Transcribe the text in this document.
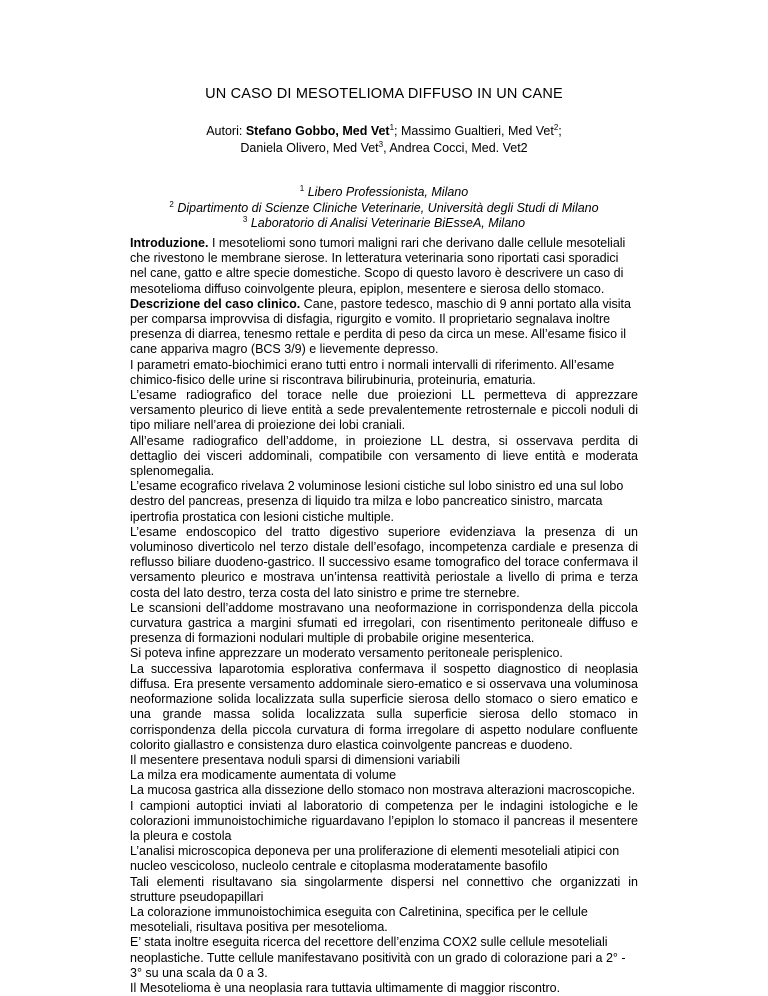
UN CASO DI MESOTELIOMA DIFFUSO IN UN CANE
Autori: Stefano Gobbo, Med Vet$^1$; Massimo Gualtieri, Med Vet$^2$;
Daniela Olivero, Med Vet$^3$, Andrea Cocci, Med. Vet2
$^1$ Libero Professionista, Milano
$^2$ Dipartimento di Scienze Cliniche Veterinarie, Università degli Studi di Milano
$^3$ Laboratorio di Analisi Veterinarie BiEsseA, Milano

Introduzione. I mesoteliomi sono tumori maligni rari che derivano dalle cellule mesoteliali che rivestono le membrane sierose. In letteratura veterinaria sono riportati casi sporadici nel cane, gatto e altre specie domestiche. Scopo di questo lavoro è descrivere un caso di mesotelioma diffuso coinvolgente pleura, epiplon, mesentere e sierosa dello stomaco.

Descrizione del caso clinico. Cane, pastore tedesco, maschio di 9 anni portato alla visita per comparsa improvvisa di disfagia, rigurgito e vomito. Il proprietario segnalava inoltre presenza di diarrea, tenesmo rettale e perdita di peso da circa un mese. All’esame fisico il cane appariva magro (BCS 3/9) e lievemente depresso.

I parametri emato-biochimici erano tutti entro i normali intervalli di riferimento. All’esame chimico-fisico delle urine si riscontrava bilirubinuria, proteinuria, ematuria.

L’esame radiografico del torace nelle due proiezioni LL permetteva di apprezzare versamento pleurico di lieve entità a sede prevalentemente retrosternale e piccoli noduli di tipo miliare nell’area di proiezione dei lobi craniali.

All’esame radiografico dell’addome, in proiezione LL destra, si osservava perdita di dettaglio dei visceri addominali, compatibile con versamento di lieve entità e moderata splenomegalia.

L’esame ecografico rivelava 2 voluminose lesioni cistiche sul lobo sinistro ed una sul lobo destro del pancreas, presenza di liquido tra milza e lobo pancreatico sinistro, marcata ipertrofia prostatica con lesioni cistiche multiple.

L’esame endoscopico del tratto digestivo superiore evidenziava la presenza di un voluminoso diverticolo nel terzo distale dell’esofago, incompetenza cardiale e presenza di reflusso biliare duodeno-gastrico. Il successivo esame tomografico del torace confermava il versamento pleurico e mostrava un’intensa reattività periostale a livello di prima e terza costa del lato destro, terza costa del lato sinistro e prime tre sternebre.

Le scansioni dell’addome mostravano una neoformazione in corrispondenza della piccola curvatura gastrica a margini sfumati ed irregolari, con risentimento peritoneale diffuso e presenza di formazioni nodulari multiple di probabile origine mesenterica.

Si poteva infine apprezzare un moderato versamento peritoneale perisplenico.

La successiva laparotomia esplorativa confermava il sospetto diagnostico di neoplasia diffusa. Era presente versamento addominale siero-ematico e si osservava una voluminosa neoformazione solida localizzata sulla superficie sierosa dello stomaco o siero ematico e una grande massa solida localizzata sulla superficie sierosa dello stomaco in corrispondenza della piccola curvatura di forma irregolare di aspetto nodulare confluente colorito giallastro e consistenza duro elastica coinvolgente pancreas e duodeno.

Il mesentere presentava noduli sparsi di dimensioni variabili

La milza era modicamente aumentata di volume

La mucosa gastrica alla dissezione dello stomaco non mostrava alterazioni macroscopiche.

I campioni autoptici inviati al laboratorio di competenza per le indagini istologiche e le colorazioni immunoistochimiche riguardavano l’epiplon lo stomaco il pancreas il mesentere la pleura e costola

L’analisi microscopica deponeva per una proliferazione di elementi mesoteliali atipici con nucleo vescicoloso, nucleolo centrale e citoplasma moderatamente basofilo

Tali elementi risultavano sia singolarmente dispersi nel connettivo che organizzati in strutture pseudopapillari

La colorazione immunoistochimica eseguita con Calretinina, specifica per le cellule mesoteliali, risultava positiva per mesotelioma.

E’ stata inoltre eseguita ricerca del recettore dell’enzima COX2 sulle cellule mesoteliali neoplastiche. Tutte cellule manifestavano positività con un grado di colorazione pari a 2° - 3° su una scala da 0 a 3.

Il Mesotelioma è una neoplasia rara tuttavia ultimamente di maggior riscontro.
